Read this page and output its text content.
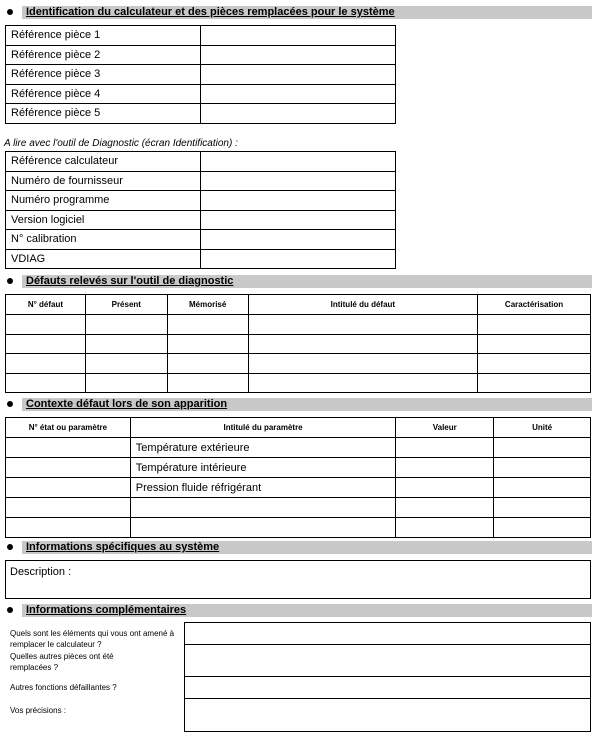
Identification du calculateur et des pièces remplacées pour le système
Référence pièce 1	
Référence pièce 2	
Référence pièce 3	
Référence pièce 4	
Référence pièce 5	
A lire avec l'outil de Diagnostic (écran Identification) :
Référence calculateur	
Numéro de fournisseur	
Numéro programme	
Version logiciel	
N° calibration	
VDIAG	
Défauts relevés sur l'outil de diagnostic
N° défaut	Présent	Mémorisé	Intitulé du défaut	Caractérisation

Contexte défaut lors de son apparition
N° état ou paramètre	Intitulé du paramètre	Valeur	Unité
	Température extérieure		
	Température intérieure		
	Pression fluide réfrigérant		

Informations spécifiques au système
Description :
Informations complémentaires
Quels sont les éléments qui vous ont amené à remplacer le calculateur ?
Quelles autres pièces ont été remplacées ?
Autres fonctions défaillantes ?
Vos précisions :
